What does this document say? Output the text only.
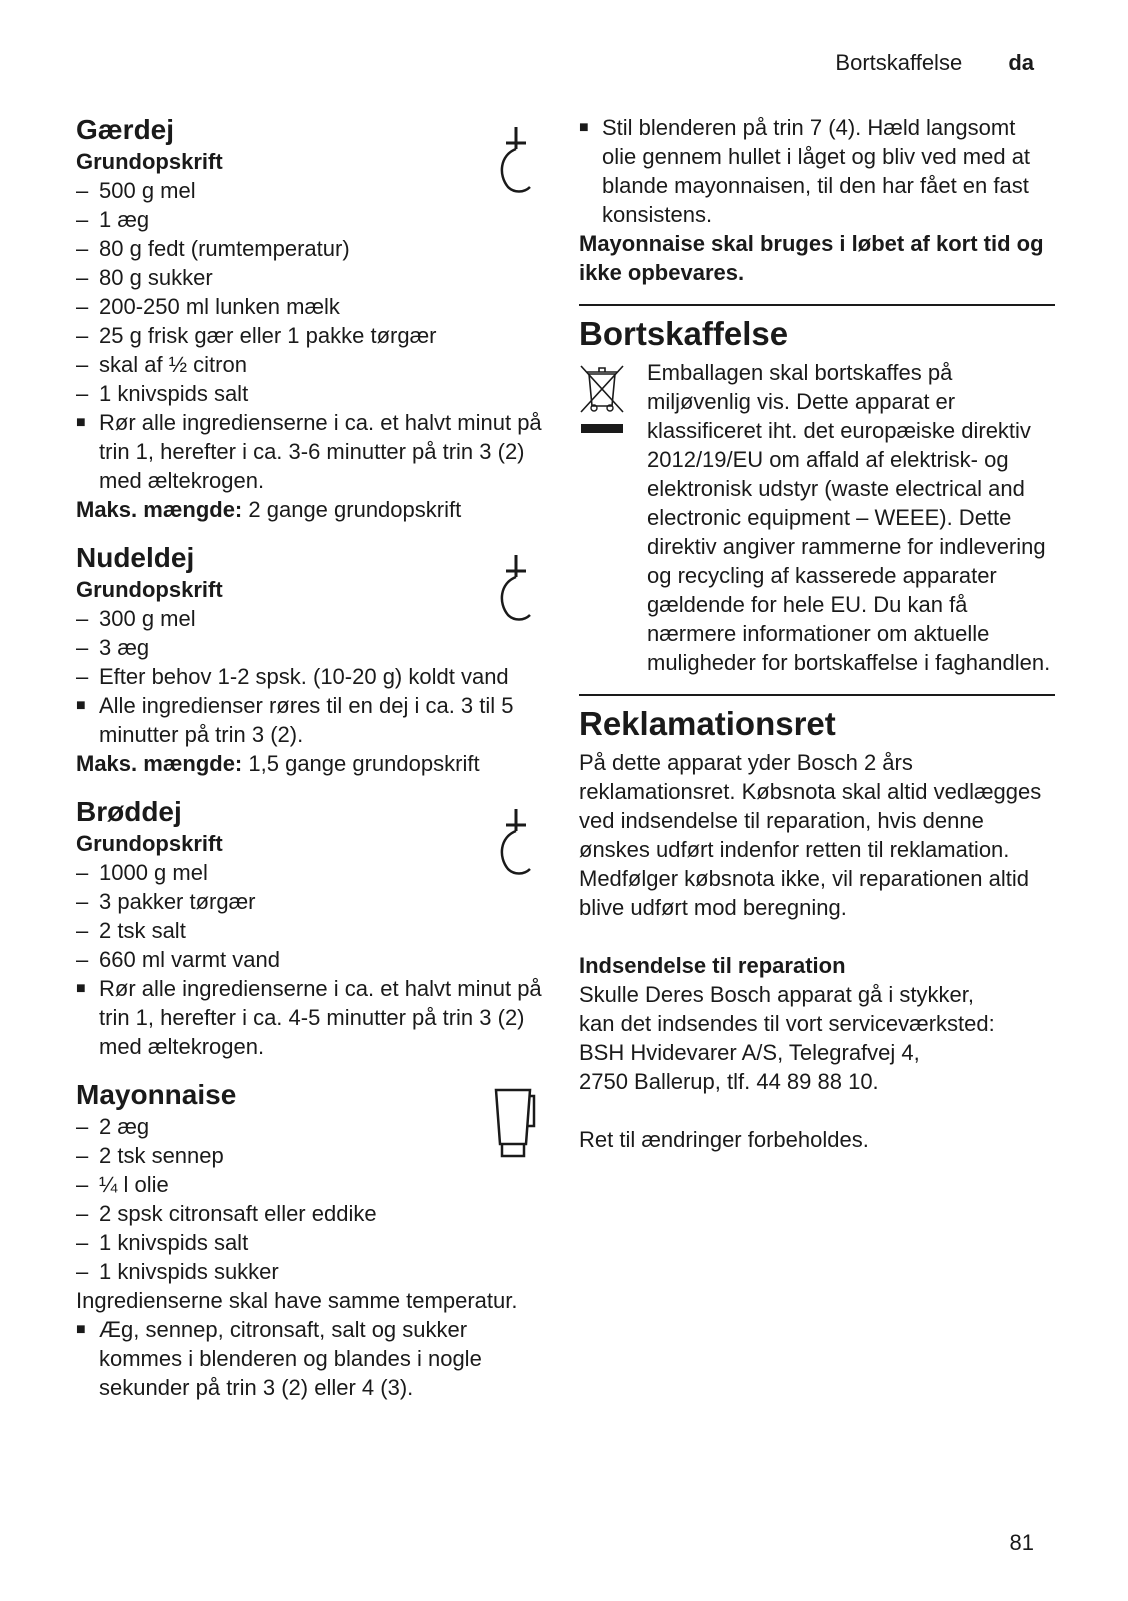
Bortskaffelse da
Gærdej
Grundopskrift
– 500 g mel
– 1 æg
– 80 g fedt (rumtemperatur)
– 80 g sukker
– 200-250 ml lunken mælk
– 25 g frisk gær eller 1 pakke tørgær
– skal af ½ citron
– 1 knivspids salt
■ Rør alle ingredienserne i ca. et halvt minut på trin 1, herefter i ca. 3-6 minutter på trin 3 (2) med æltekrogen.
Maks. mængde: 2 gange grundopskrift
Nudeldej
Grundopskrift
– 300 g mel
– 3 æg
– Efter behov 1-2 spsk. (10-20 g) koldt vand
■ Alle ingredienser røres til en dej i ca. 3 til 5 minutter på trin 3 (2).
Maks. mængde: 1,5 gange grundopskrift
Brøddej
Grundopskrift
– 1000 g mel
– 3 pakker tørgær
– 2 tsk salt
– 660 ml varmt vand
■ Rør alle ingredienserne i ca. et halvt minut på trin 1, herefter i ca. 4-5 minutter på trin 3 (2) med æltekrogen.
Mayonnaise
– 2 æg
– 2 tsk sennep
– ¼ l olie
– 2 spsk citronsaft eller eddike
– 1 knivspids salt
– 1 knivspids sukker
Ingredienserne skal have samme temperatur.
■ Æg, sennep, citronsaft, salt og sukker kommes i blenderen og blandes i nogle sekunder på trin 3 (2) eller 4 (3).
■ Stil blenderen på trin 7 (4). Hæld langsomt olie gennem hullet i låget og bliv ved med at blande mayonnaisen, til den har fået en fast konsistens.
Mayonnaise skal bruges i løbet af kort tid og ikke opbevares.
Bortskaffelse
Emballagen skal bortskaffes på miljøvenlig vis. Dette apparat er klassificeret iht. det europæiske direktiv 2012/19/EU om affald af elektrisk- og elektronisk udstyr (waste electrical and electronic equipment – WEEE). Dette direktiv angiver rammerne for indlevering og recycling af kasserede apparater gældende for hele EU. Du kan få nærmere informationer om aktuelle muligheder for bortskaffelse i faghandlen.
Reklamationsret
På dette apparat yder Bosch 2 års reklamationsret. Købsnota skal altid vedlægges ved indsendelse til reparation, hvis denne ønskes udført indenfor retten til reklamation. Medfølger købsnota ikke, vil reparationen altid blive udført mod beregning.
Indsendelse til reparation
Skulle Deres Bosch apparat gå i stykker,
kan det indsendes til vort serviceværksted:
BSH Hvidevarer A/S, Telegrafvej 4,
2750 Ballerup, tlf. 44 89 88 10.
Ret til ændringer forbeholdes.
81
